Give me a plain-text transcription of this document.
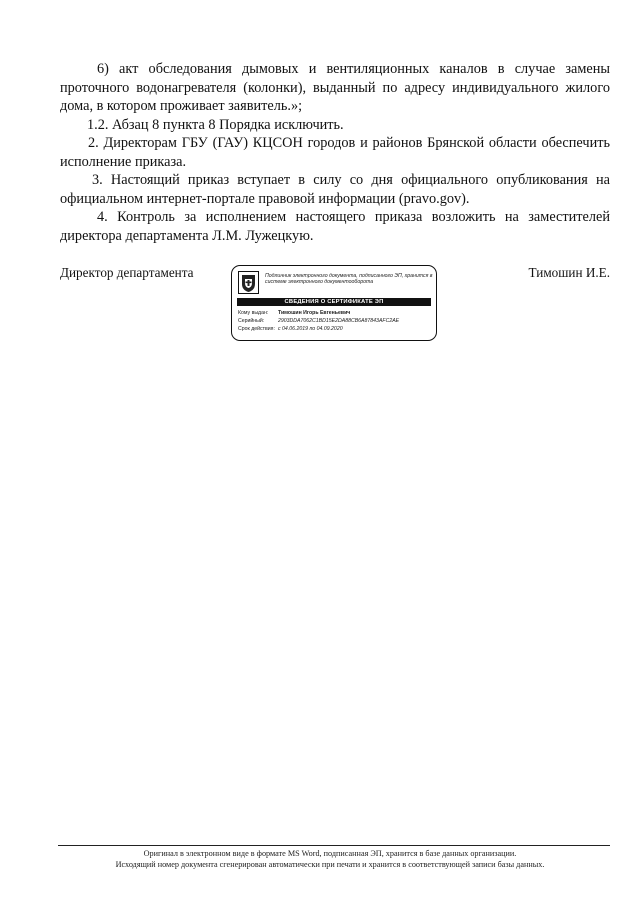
6) акт обследования дымовых и вентиляционных каналов в случае замены проточного водонагревателя (колонки), выданный по адресу индивидуального жилого дома, в котором проживает заявитель.»;

1.2. Абзац 8 пункта 8 Порядка исключить.

2. Директорам ГБУ (ГАУ) КЦСОН городов и районов Брянской области обеспечить исполнение приказа.

3. Настоящий приказ вступает в силу со дня официального опубликования на официальном интернет-портале правовой информации (pravo.gov).

4. Контроль за исполнением настоящего приказа возложить на заместителей директора департамента Л.М. Лужецкую.

Директор департамента	Тимошин И.Е.
Подлинник электронного документа, подписанного ЭП, хранится в системе электронного документооборота
СВЕДЕНИЯ О СЕРТИФИКАТЕ ЭП
Кому выдан: Тимошин Игорь Евгеньевич
Серийный:	2903DDA7062C1BD15E2DA88CB6A87843AFC2AE
Срок действия: с 04.06.2019 по 04.09.2020
Оригинал в электронном виде в формате MS Word, подписанная ЭП, хранится в базе данных организации.
Исходящий номер документа сгенерирован автоматически при печати и хранится в соответствующей записи базы данных.
